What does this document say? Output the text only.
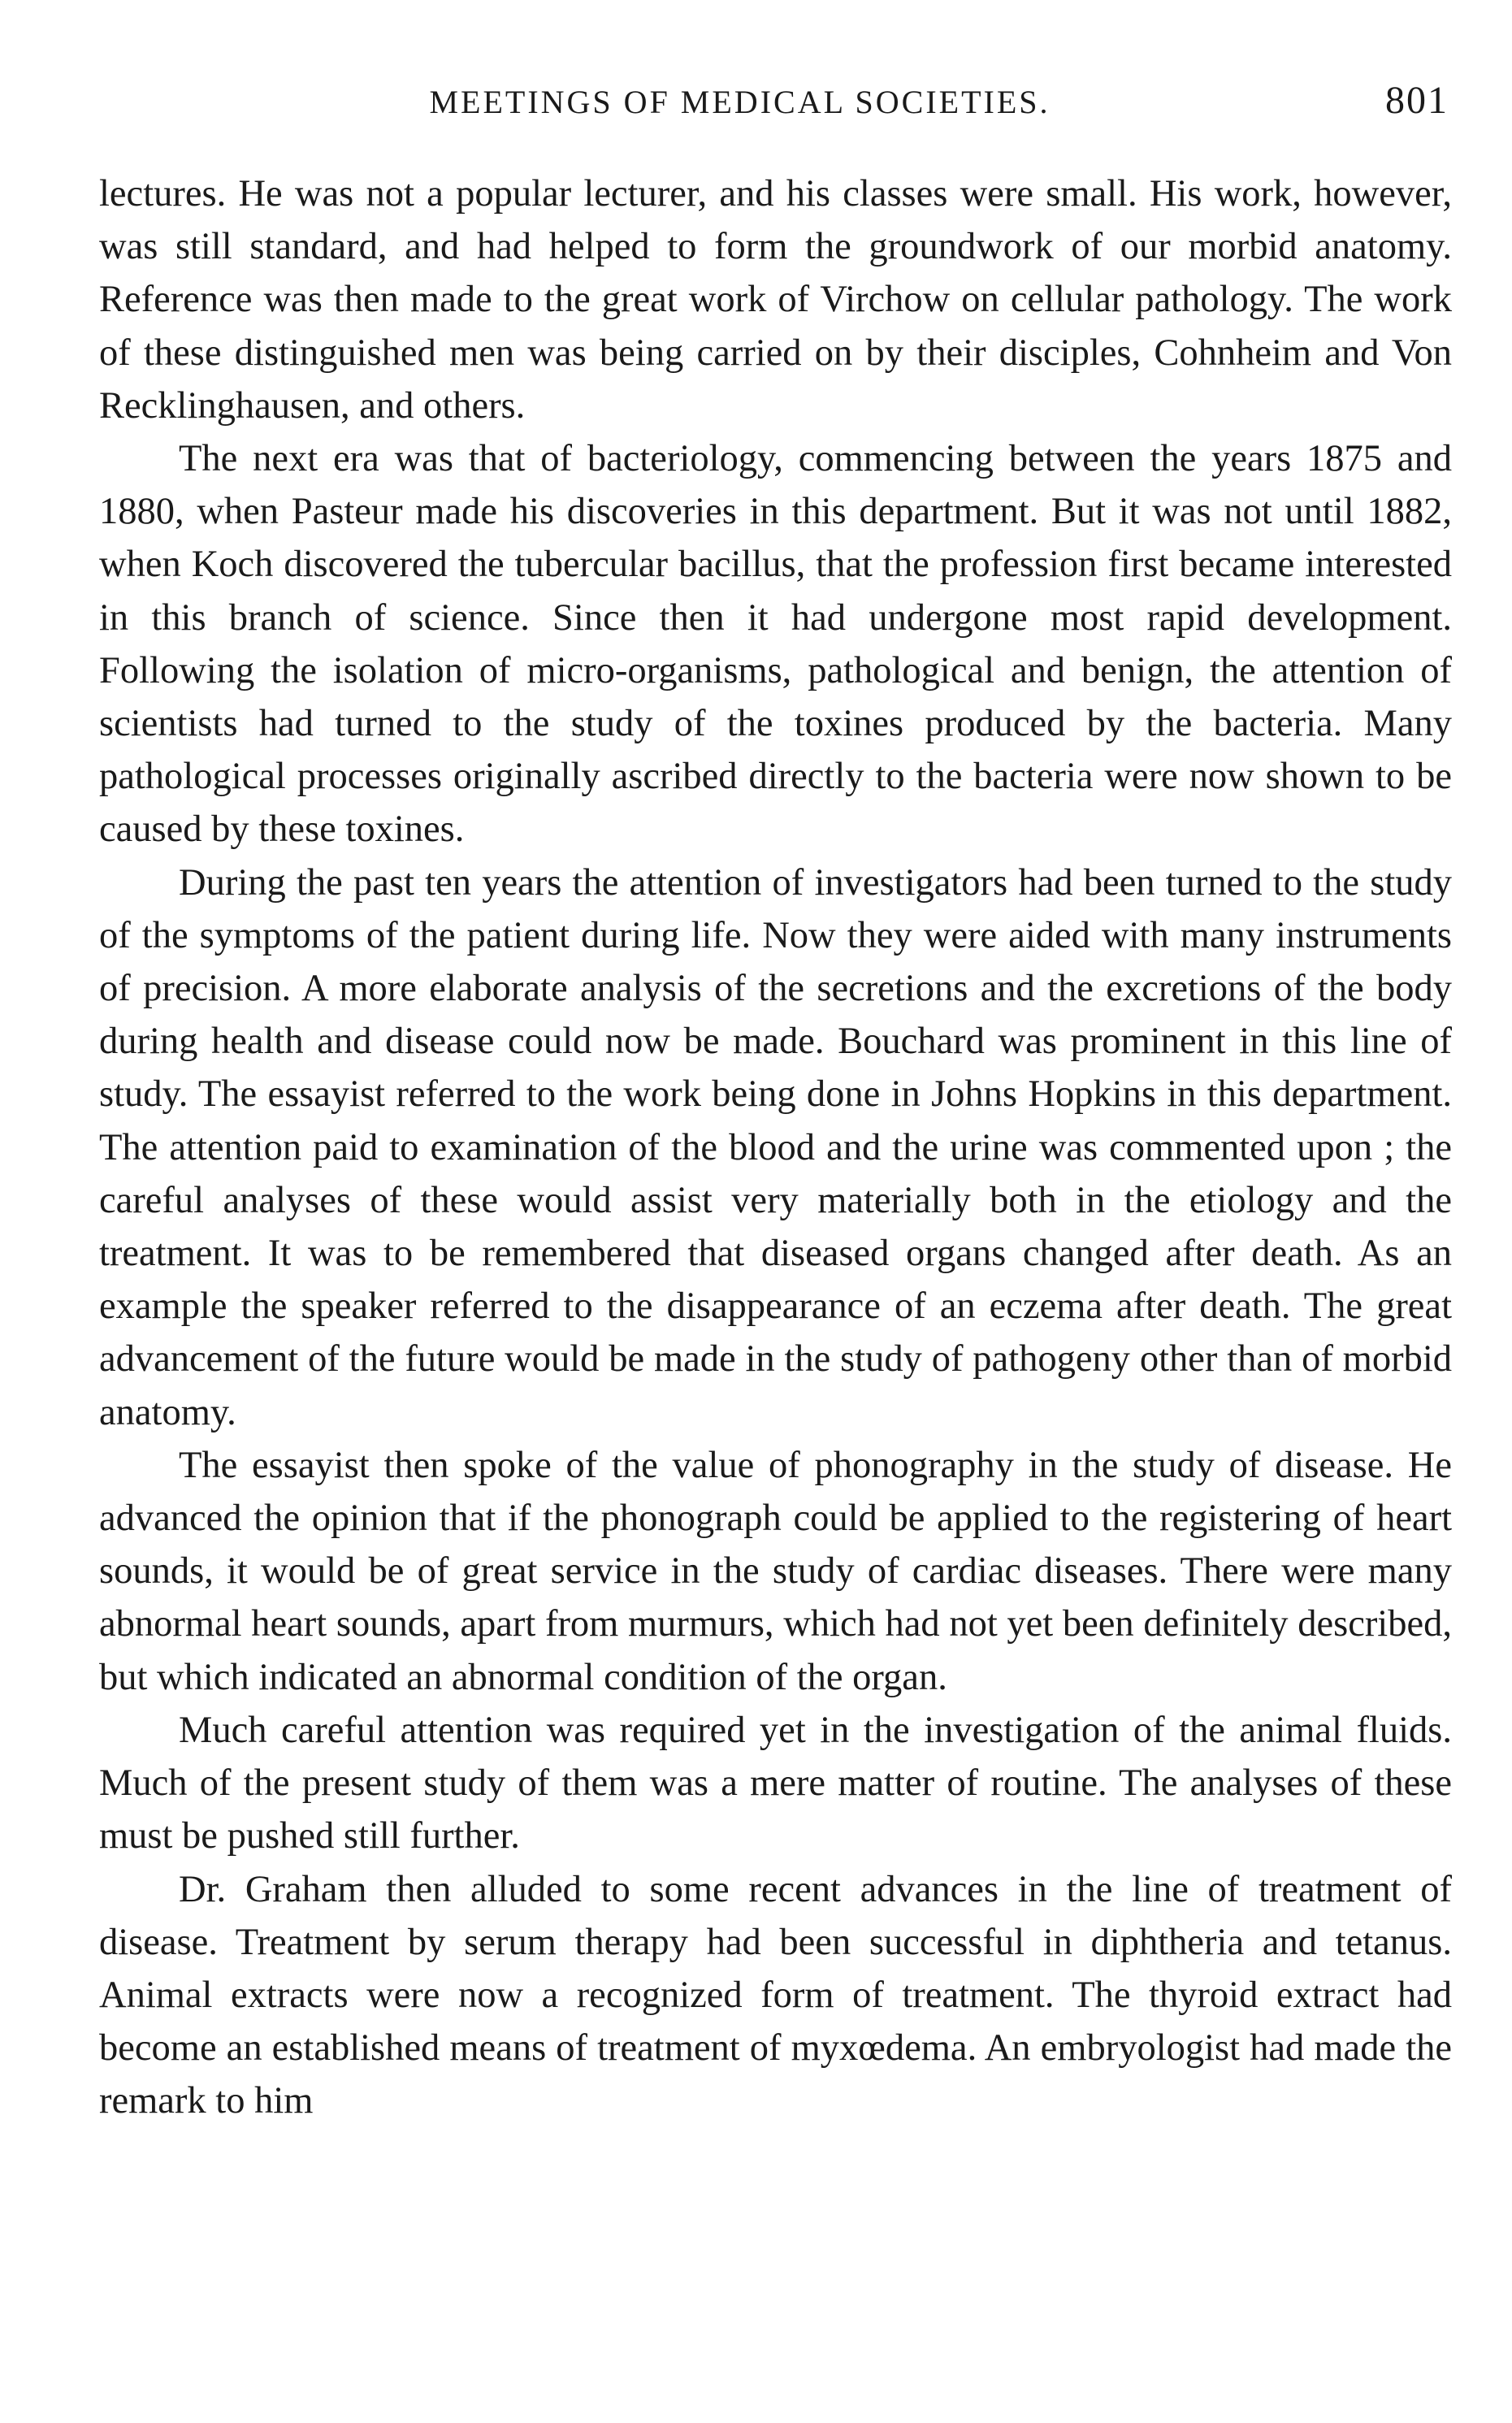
MEETINGS OF MEDICAL SOCIETIES.	801

lectures. He was not a popular lecturer, and his classes were small. His work, however, was still standard, and had helped to form the groundwork of our morbid anatomy. Reference was then made to the great work of Virchow on cellular pathology. The work of these distinguished men was being carried on by their disciples, Cohnheim and Von Recklinghausen, and others.

The next era was that of bacteriology, commencing between the years 1875 and 1880, when Pasteur made his discoveries in this department. But it was not until 1882, when Koch discovered the tubercular bacillus, that the profession first became interested in this branch of science. Since then it had undergone most rapid development. Following the isolation of micro-organisms, pathological and benign, the attention of scientists had turned to the study of the toxines produced by the bacteria. Many pathological processes originally ascribed directly to the bacteria were now shown to be caused by these toxines.

During the past ten years the attention of investigators had been turned to the study of the symptoms of the patient during life. Now they were aided with many instruments of precision. A more elaborate analysis of the secretions and the excretions of the body during health and disease could now be made. Bouchard was prominent in this line of study. The essayist referred to the work being done in Johns Hopkins in this department. The attention paid to examination of the blood and the urine was commented upon ; the careful analyses of these would assist very materially both in the etiology and the treatment. It was to be remembered that diseased organs changed after death. As an example the speaker referred to the disappearance of an eczema after death. The great advancement of the future would be made in the study of pathogeny other than of morbid anatomy.

The essayist then spoke of the value of phonography in the study of disease. He advanced the opinion that if the phonograph could be applied to the registering of heart sounds, it would be of great service in the study of cardiac diseases. There were many abnormal heart sounds, apart from murmurs, which had not yet been definitely described, but which indicated an abnormal condition of the organ.

Much careful attention was required yet in the investigation of the animal fluids. Much of the present study of them was a mere matter of routine. The analyses of these must be pushed still further.

Dr. Graham then alluded to some recent advances in the line of treatment of disease. Treatment by serum therapy had been successful in diphtheria and tetanus. Animal extracts were now a recognized form of treatment. The thyroid extract had become an established means of treatment of myxœdema. An embryologist had made the remark to him
